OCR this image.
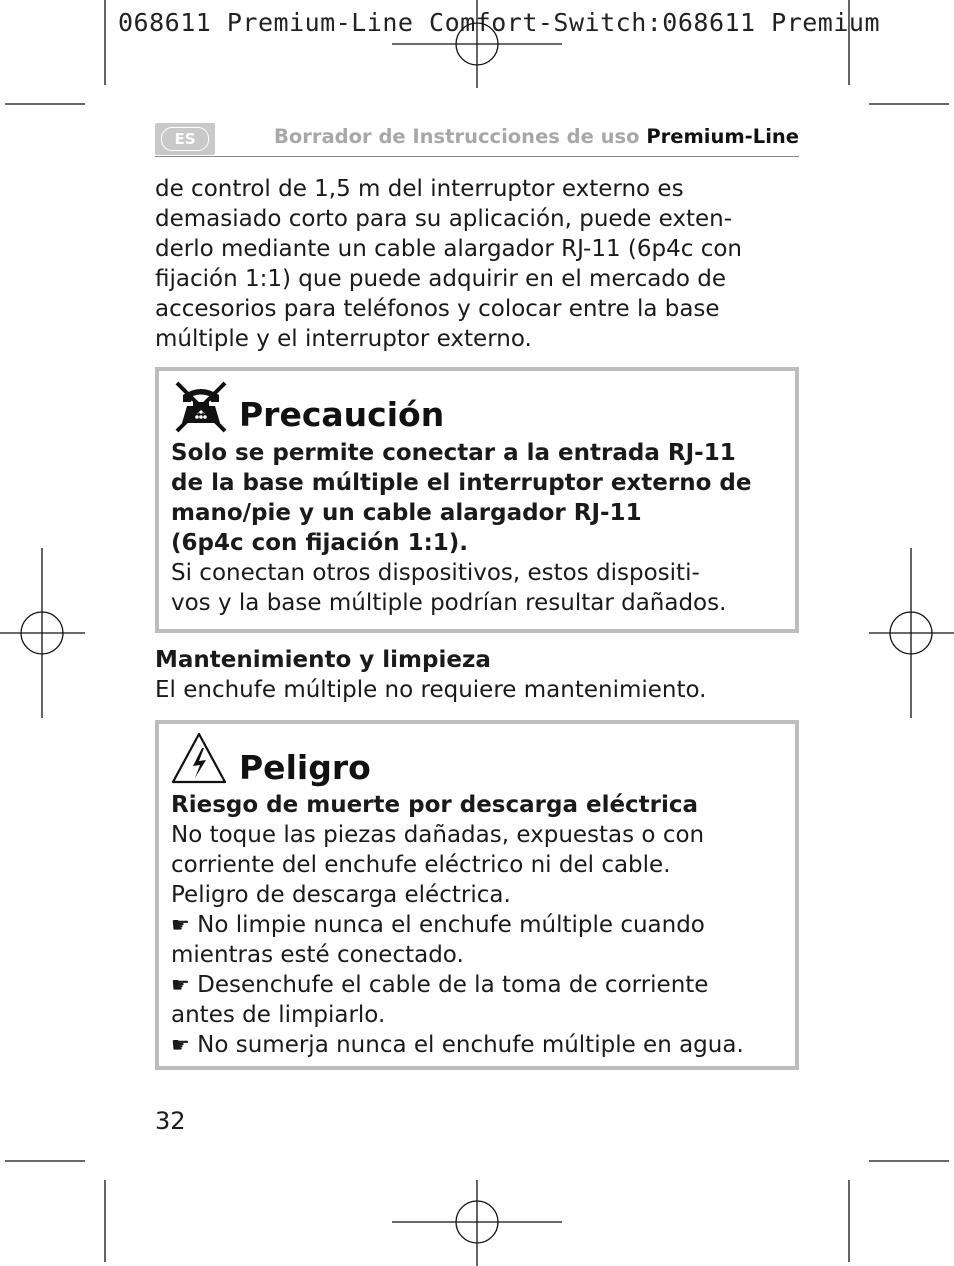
068611 Premium-Line Comfort-Switch:068611 Premium
ES	Borrador de Instrucciones de uso Premium-Line
de control de 1,5 m del interruptor externo es
demasiado corto para su aplicación, puede exten-
derlo mediante un cable alargador RJ-11 (6p4c con
fijación 1:1) que puede adquirir en el mercado de
accesorios para teléfonos y colocar entre la base
múltiple y el interruptor externo.
Precaución
Solo se permite conectar a la entrada RJ-11
de la base múltiple el interruptor externo de
mano/pie y un cable alargador RJ-11
(6p4c con fijación 1:1).
Si conectan otros dispositivos, estos dispositi-
vos y la base múltiple podrían resultar dañados.
Mantenimiento y limpieza
El enchufe múltiple no requiere mantenimiento.
Peligro
Riesgo de muerte por descarga eléctrica
No toque las piezas dañadas, expuestas o con
corriente del enchufe eléctrico ni del cable.
Peligro de descarga eléctrica.
☛ No limpie nunca el enchufe múltiple cuando
mientras esté conectado.
☛ Desenchufe el cable de la toma de corriente
antes de limpiarlo.
☛ No sumerja nunca el enchufe múltiple en agua.
32
